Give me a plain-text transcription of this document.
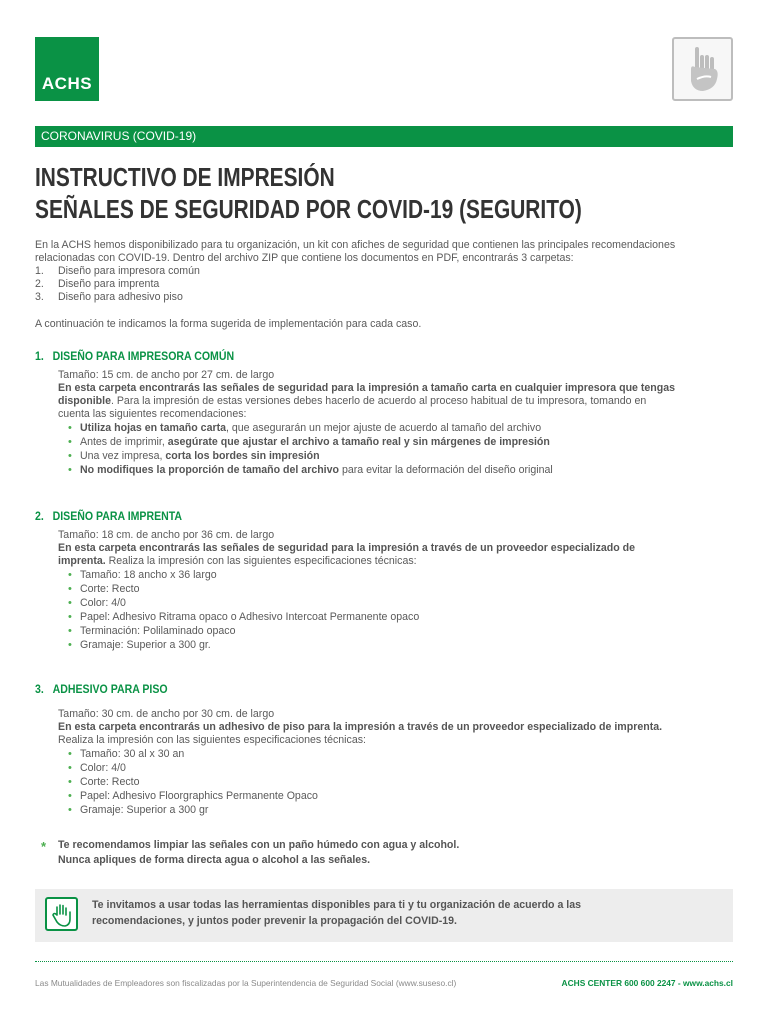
ACHS
CORONAVIRUS (COVID-19)
INSTRUCTIVO DE IMPRESIÓN
SEÑALES DE SEGURIDAD POR COVID-19 (SEGURITO)
En la ACHS hemos disponibilizado para tu organización, un kit con afiches de seguridad que contienen las principales recomendaciones
relacionadas con COVID-19. Dentro del archivo ZIP que contiene los documentos en PDF, encontrarás 3 carpetas:
1. Diseño para impresora común
2. Diseño para imprenta
3. Diseño para adhesivo piso
A continuación te indicamos la forma sugerida de implementación para cada caso.
1. DISEÑO PARA IMPRESORA COMÚN
Tamaño: 15 cm. de ancho por 27 cm. de largo
En esta carpeta encontrarás las señales de seguridad para la impresión a tamaño carta en cualquier impresora que tengas
disponible. Para la impresión de estas versiones debes hacerlo de acuerdo al proceso habitual de tu impresora, tomando en
cuenta las siguientes recomendaciones:
• Utiliza hojas en tamaño carta, que asegurarán un mejor ajuste de acuerdo al tamaño del archivo
• Antes de imprimir, asegúrate que ajustar el archivo a tamaño real y sin márgenes de impresión
• Una vez impresa, corta los bordes sin impresión
• No modifiques la proporción de tamaño del archivo para evitar la deformación del diseño original
2. DISEÑO PARA IMPRENTA
Tamaño: 18 cm. de ancho por 36 cm. de largo
En esta carpeta encontrarás las señales de seguridad para la impresión a través de un proveedor especializado de
imprenta. Realiza la impresión con las siguientes especificaciones técnicas:
• Tamaño: 18 ancho x 36 largo
• Corte: Recto
• Color: 4/0
• Papel: Adhesivo Ritrama opaco o Adhesivo Intercoat Permanente opaco
• Terminación: Polilaminado opaco
• Gramaje: Superior a 300 gr.
3. ADHESIVO PARA PISO
Tamaño: 30 cm. de ancho por 30 cm. de largo
En esta carpeta encontrarás un adhesivo de piso para la impresión a través de un proveedor especializado de imprenta.
Realiza la impresión con las siguientes especificaciones técnicas:
• Tamaño: 30 al x 30 an
• Color: 4/0
• Corte: Recto
• Papel: Adhesivo Floorgraphics Permanente Opaco
• Gramaje: Superior a 300 gr
* Te recomendamos limpiar las señales con un paño húmedo con agua y alcohol.
Nunca apliques de forma directa agua o alcohol a las señales.
Te invitamos a usar todas las herramientas disponibles para ti y tu organización de acuerdo a las
recomendaciones, y juntos poder prevenir la propagación del COVID-19.
Las Mutualidades de Empleadores son fiscalizadas por la Superintendencia de Seguridad Social (www.suseso.cl)	ACHS CENTER 600 600 2247 - www.achs.cl
